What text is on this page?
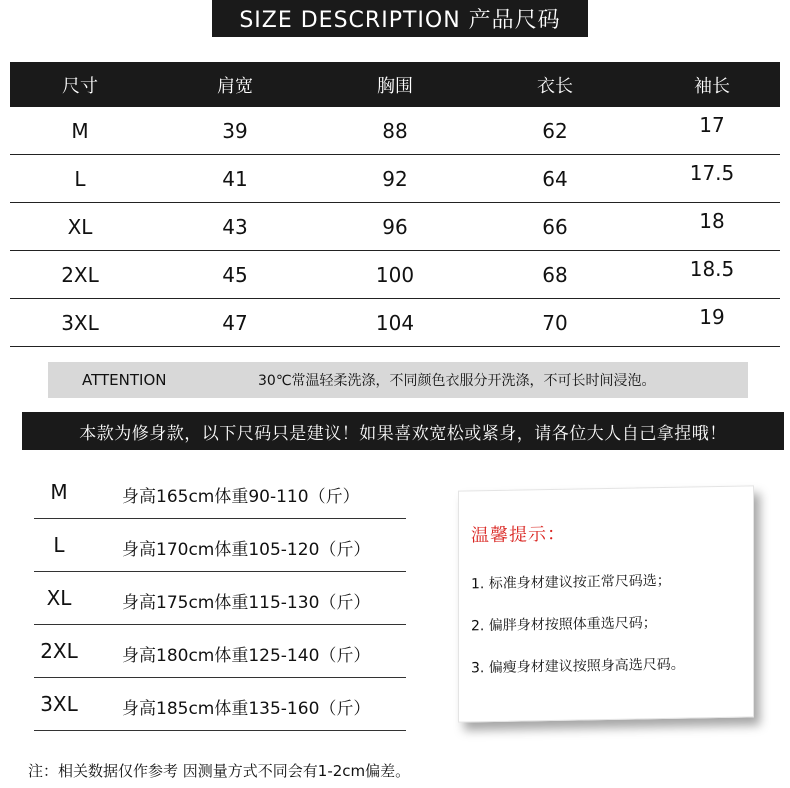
SIZE DESCRIPTION 产品尺码
尺寸	肩宽	胸围	衣长	袖长
M	39	88	62	17
L	41	92	64	17.5
XL	43	96	66	18
2XL	45	100	68	18.5
3XL	47	104	70	19
ATTENTION	30℃常温轻柔洗涤，不同颜色衣服分开洗涤，不可长时间浸泡。
本款为修身款，以下尺码只是建议！如果喜欢宽松或紧身，请各位大人自己拿捏哦！
M	身高165cm体重90-110（斤）
L	身高170cm体重105-120（斤）
XL	身高175cm体重115-130（斤）
2XL	身高180cm体重125-140（斤）
3XL	身高185cm体重135-160（斤）
温馨提示：
1. 标准身材建议按正常尺码选；
2. 偏胖身材按照体重选尺码；
3. 偏瘦身材建议按照身高选尺码。
注：相关数据仅作参考 因测量方式不同会有1-2cm偏差。
